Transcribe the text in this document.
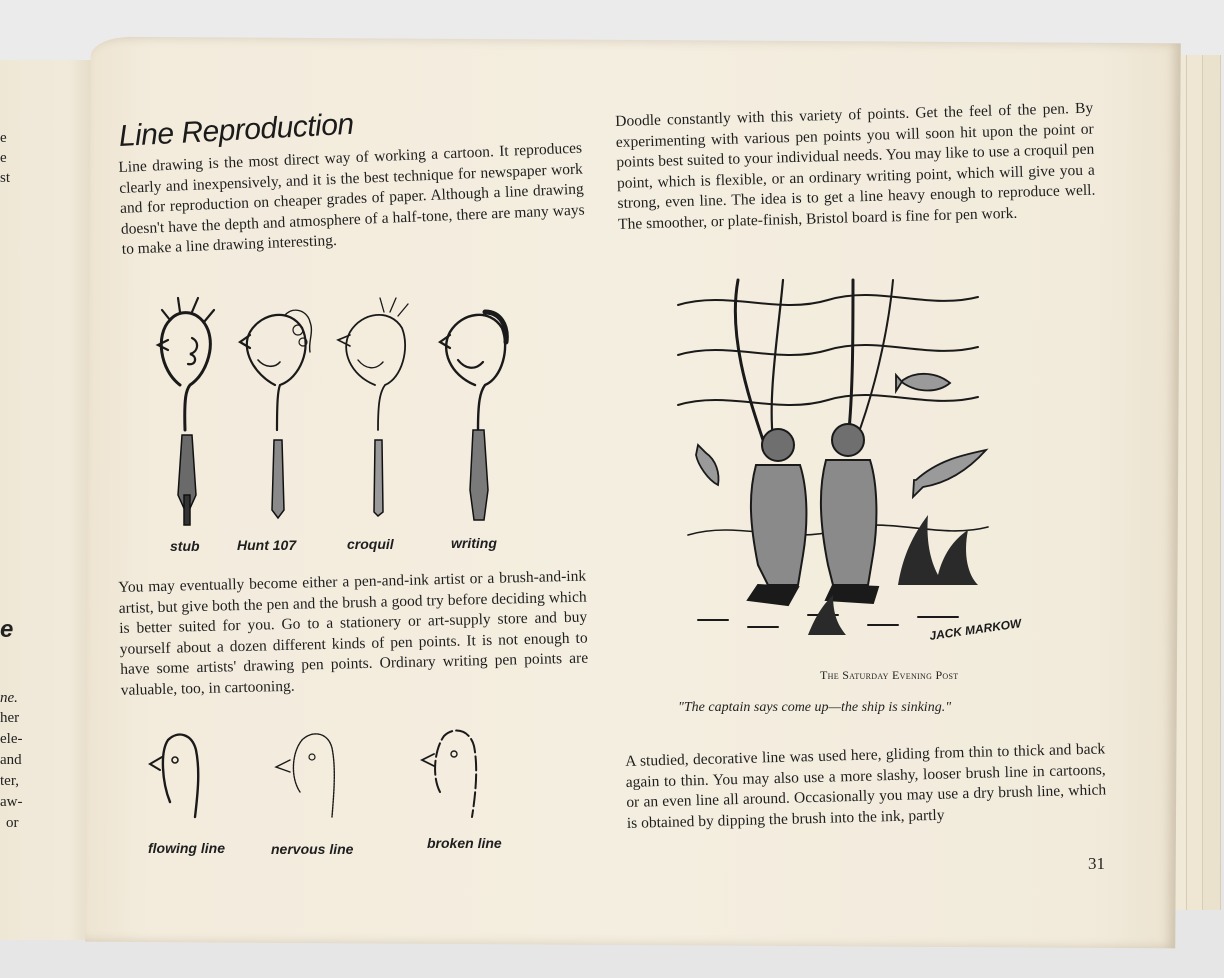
e
e
st
e
ne.
her
ele-
and
ter,
aw-
or
Line Reproduction
Line drawing is the most direct way of working a cartoon. It reproduces clearly and inexpensively, and it is the best technique for newspaper work and for reproduction on cheaper grades of paper. Although a line drawing doesn't have the depth and atmosphere of a half-tone, there are many ways to make a line drawing interesting.
You may eventually become either a pen-and-ink artist or a brush-and-ink artist, but give both the pen and the brush a good try before deciding which is better suited for you. Go to a stationery or art-supply store and buy yourself about a dozen different kinds of pen points. It is not enough to have some artists' drawing pen points. Ordinary writing pen points are valuable, too, in cartooning.
Doodle constantly with this variety of points. Get the feel of the pen. By experimenting with various pen points you will soon hit upon the point or points best suited to your individual needs. You may like to use a croquil pen point, which is flexible, or an ordinary writing point, which will give you a strong, even line. The idea is to get a line heavy enough to reproduce well. The smoother, or plate-finish, Bristol board is fine for pen work.
A studied, decorative line was used here, gliding from thin to thick and back again to thin. You may also use a more slashy, looser brush line in cartoons, or an even line all around. Occasionally you may use a dry brush line, which is obtained by dipping the brush into the ink, partly
stub	Hunt 107	croquil	writing
flowing line	nervous line	broken line
JACK MARKOW
The Saturday Evening Post
"The captain says come up—the ship is sinking."
31
